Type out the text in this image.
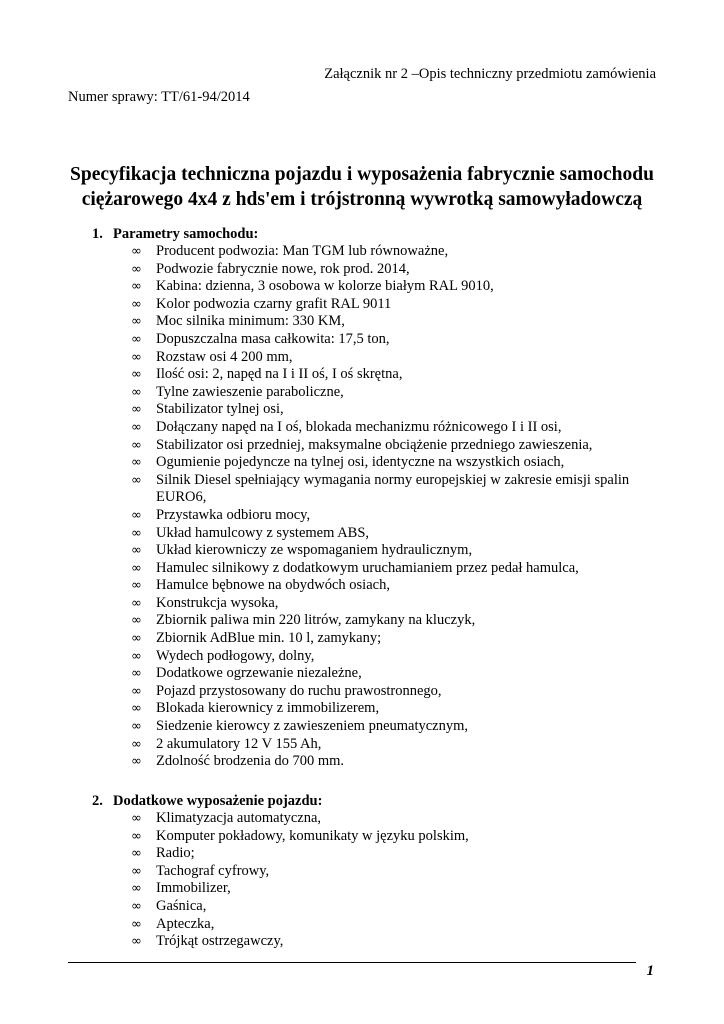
Załącznik nr 2 –Opis techniczny przedmiotu zamówienia
Numer sprawy: TT/61-94/2014
Specyfikacja techniczna pojazdu i wyposażenia fabrycznie samochodu
ciężarowego 4x4 z hds'em i trójstronną wywrotką samowyładowczą
1. Parametry samochodu:
∞ Producent podwozia: Man TGM lub równoważne,
∞ Podwozie fabrycznie nowe, rok prod. 2014,
∞ Kabina: dzienna, 3 osobowa w kolorze białym RAL 9010,
∞ Kolor podwozia czarny grafit RAL 9011
∞ Moc silnika minimum: 330 KM,
∞ Dopuszczalna masa całkowita: 17,5 ton,
∞ Rozstaw osi 4 200 mm,
∞ Ilość osi: 2, napęd na I i II oś, I oś skrętna,
∞ Tylne zawieszenie paraboliczne,
∞ Stabilizator tylnej osi,
∞ Dołączany napęd na I oś, blokada mechanizmu różnicowego I i II osi,
∞ Stabilizator osi przedniej, maksymalne obciążenie przedniego zawieszenia,
∞ Ogumienie pojedyncze na tylnej osi, identyczne na wszystkich osiach,
∞ Silnik Diesel spełniający wymagania normy europejskiej w zakresie emisji spalin EURO6,
∞ Przystawka odbioru mocy,
∞ Układ hamulcowy z systemem ABS,
∞ Układ kierowniczy ze wspomaganiem hydraulicznym,
∞ Hamulec silnikowy z dodatkowym uruchamianiem przez pedał hamulca,
∞ Hamulce bębnowe na obydwóch osiach,
∞ Konstrukcja wysoka,
∞ Zbiornik paliwa min 220 litrów, zamykany na kluczyk,
∞ Zbiornik AdBlue min. 10 l, zamykany;
∞ Wydech podłogowy, dolny,
∞ Dodatkowe ogrzewanie niezależne,
∞ Pojazd przystosowany do ruchu prawostronnego,
∞ Blokada kierownicy z immobilizerem,
∞ Siedzenie kierowcy z zawieszeniem pneumatycznym,
∞ 2 akumulatory 12 V 155 Ah,
∞ Zdolność brodzenia do 700 mm.
2. Dodatkowe wyposażenie pojazdu:
∞ Klimatyzacja automatyczna,
∞ Komputer pokładowy, komunikaty w języku polskim,
∞ Radio;
∞ Tachograf cyfrowy,
∞ Immobilizer,
∞ Gaśnica,
∞ Apteczka,
∞ Trójkąt ostrzegawczy,
1
